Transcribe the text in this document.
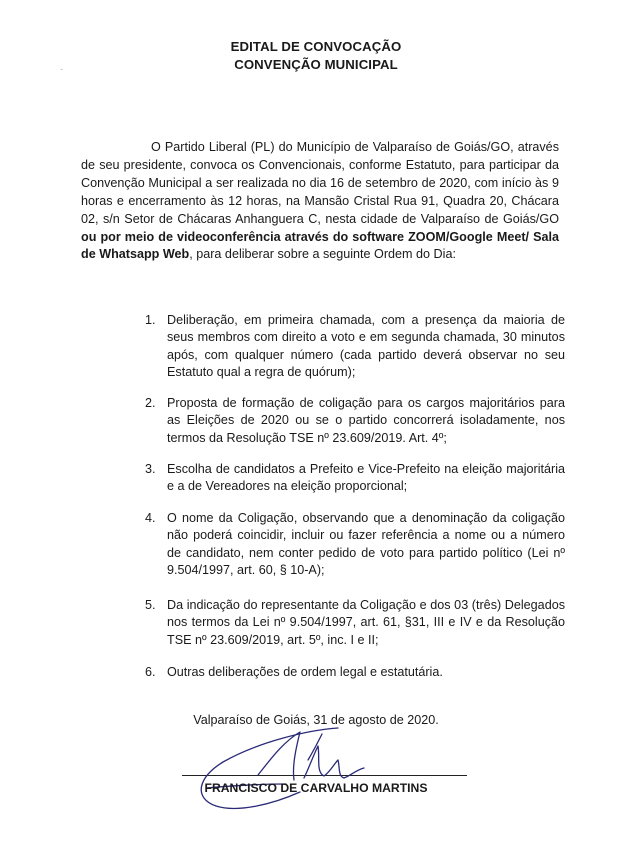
-
EDITAL DE CONVOCAÇÃO
CONVENÇÃO MUNICIPAL

O Partido Liberal (PL) do Município de Valparaíso de Goiás/GO, através de seu presidente, convoca os Convencionais, conforme Estatuto, para participar da Convenção Municipal a ser realizada no dia 16 de setembro de 2020, com início às 9 horas e encerramento às 12 horas, na Mansão Cristal Rua 91, Quadra 20, Chácara 02, s/n Setor de Chácaras Anhanguera C, nesta cidade de Valparaíso de Goiás/GO ou por meio de videoconferência através do software ZOOM/Google Meet/ Sala de Whatsapp Web, para deliberar sobre a seguinte Ordem do Dia:

1. Deliberação, em primeira chamada, com a presença da maioria de seus membros com direito a voto e em segunda chamada, 30 minutos após, com qualquer número (cada partido deverá observar no seu Estatuto qual a regra de quórum);
2. Proposta de formação de coligação para os cargos majoritários para as Eleições de 2020 ou se o partido concorrerá isoladamente, nos termos da Resolução TSE nº 23.609/2019. Art. 4º;
3. Escolha de candidatos a Prefeito e Vice-Prefeito na eleição majoritária e a de Vereadores na eleição proporcional;
4. O nome da Coligação, observando que a denominação da coligação não poderá coincidir, incluir ou fazer referência a nome ou a número de candidato, nem conter pedido de voto para partido político (Lei nº 9.504/1997, art. 60, § 10-A);
5. Da indicação do representante da Coligação e dos 03 (três) Delegados nos termos da Lei nº 9.504/1997, art. 61, §31, III e IV e da Resolução TSE nº 23.609/2019, art. 5º, inc. I e II;
6. Outras deliberações de ordem legal e estatutária.
Valparaíso de Goiás, 31 de agosto de 2020.
FRANCISCO DE CARVALHO MARTINS
